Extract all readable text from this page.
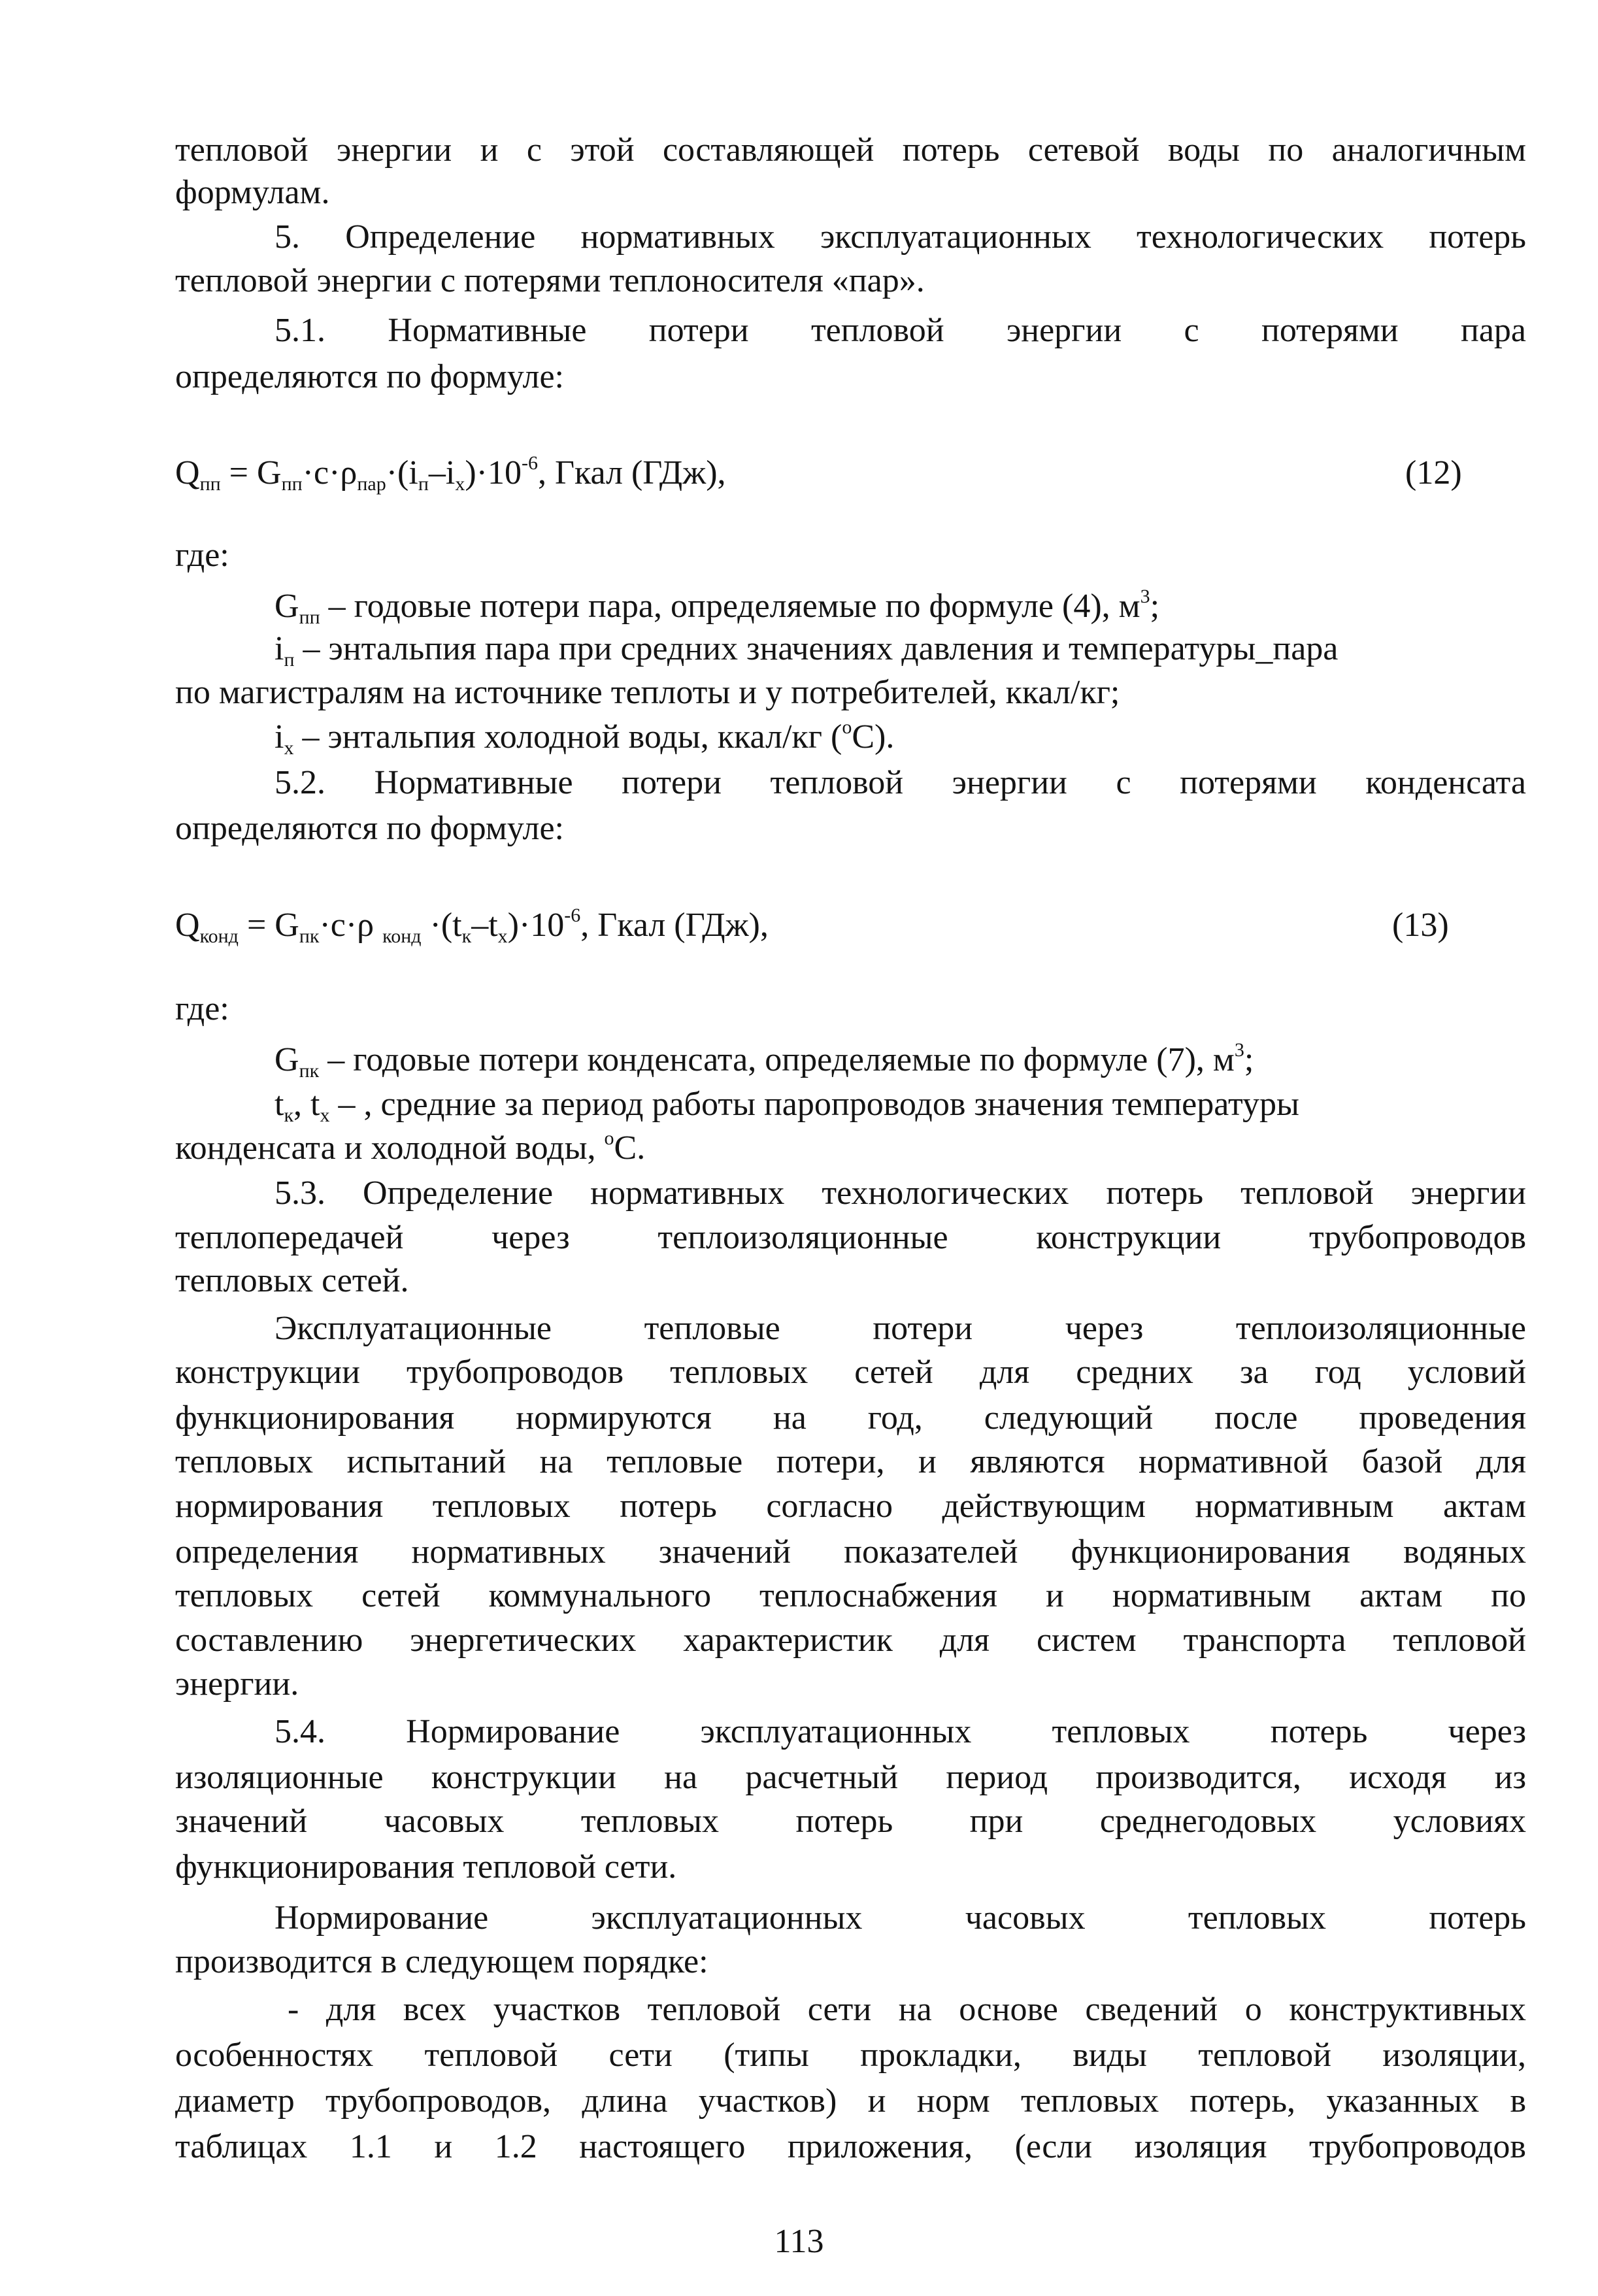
тепловой энергии и с этой составляющей потерь сетевой воды по аналогичным
формулам.
5. Определение нормативных эксплуатационных технологических потерь
тепловой энергии с потерями теплоносителя «пар».
5.1. Нормативные потери тепловой энергии с потерями пара
определяются по формуле:
$Q_{пп} = G_{пп}\cdot c\cdot\rho_{пар}\cdot(i_п-i_х)\cdot 10^{-6}$, Гкал (ГДж),	(12)
где:
$G_{пп}$ – годовые потери пара, определяемые по формуле (4), $м^3$;
$i_п$ – энтальпия пара при средних значениях давления и температуры_пара
по магистралям на источнике теплоты и у потребителей, ккал/кг;
$i_х$ – энтальпия холодной воды, ккал/кг ($^о$С).
5.2. Нормативные потери тепловой энергии с потерями конденсата
определяются по формуле:
$Q_{конд} = G_{пк}\cdot c\cdot\rho$ $_{конд} \cdot(t_к-t_х)\cdot 10^{-6}$, Гкал (ГДж),	(13)
где:
$G_{пк}$ – годовые потери конденсата, определяемые по формуле (7), $м^3$;
$t_к$, $t_х$ – , средние за период работы паропроводов значения температуры
конденсата и холодной воды, $^о$С.
5.3. Определение нормативных технологических потерь тепловой энергии
теплопередачей через теплоизоляционные конструкции трубопроводов
тепловых сетей.
Эксплуатационные тепловые потери через теплоизоляционные
конструкции трубопроводов тепловых сетей для средних за год условий
функционирования нормируются на год, следующий после проведения
тепловых испытаний на тепловые потери, и являются нормативной базой для
нормирования тепловых потерь согласно действующим нормативным актам
определения нормативных значений показателей функционирования водяных
тепловых сетей коммунального теплоснабжения и нормативным актам по
составлению энергетических характеристик для систем транспорта тепловой
энергии.
5.4. Нормирование эксплуатационных тепловых потерь через
изоляционные конструкции на расчетный период производится, исходя из
значений часовых тепловых потерь при среднегодовых условиях
функционирования тепловой сети.
Нормирование эксплуатационных часовых тепловых потерь
производится в следующем порядке:
- для всех участков тепловой сети на основе сведений о конструктивных
особенностях тепловой сети (типы прокладки, виды тепловой изоляции,
диаметр трубопроводов, длина участков) и норм тепловых потерь, указанных в
таблицах 1.1 и 1.2 настоящего приложения, (если изоляция трубопроводов
113
